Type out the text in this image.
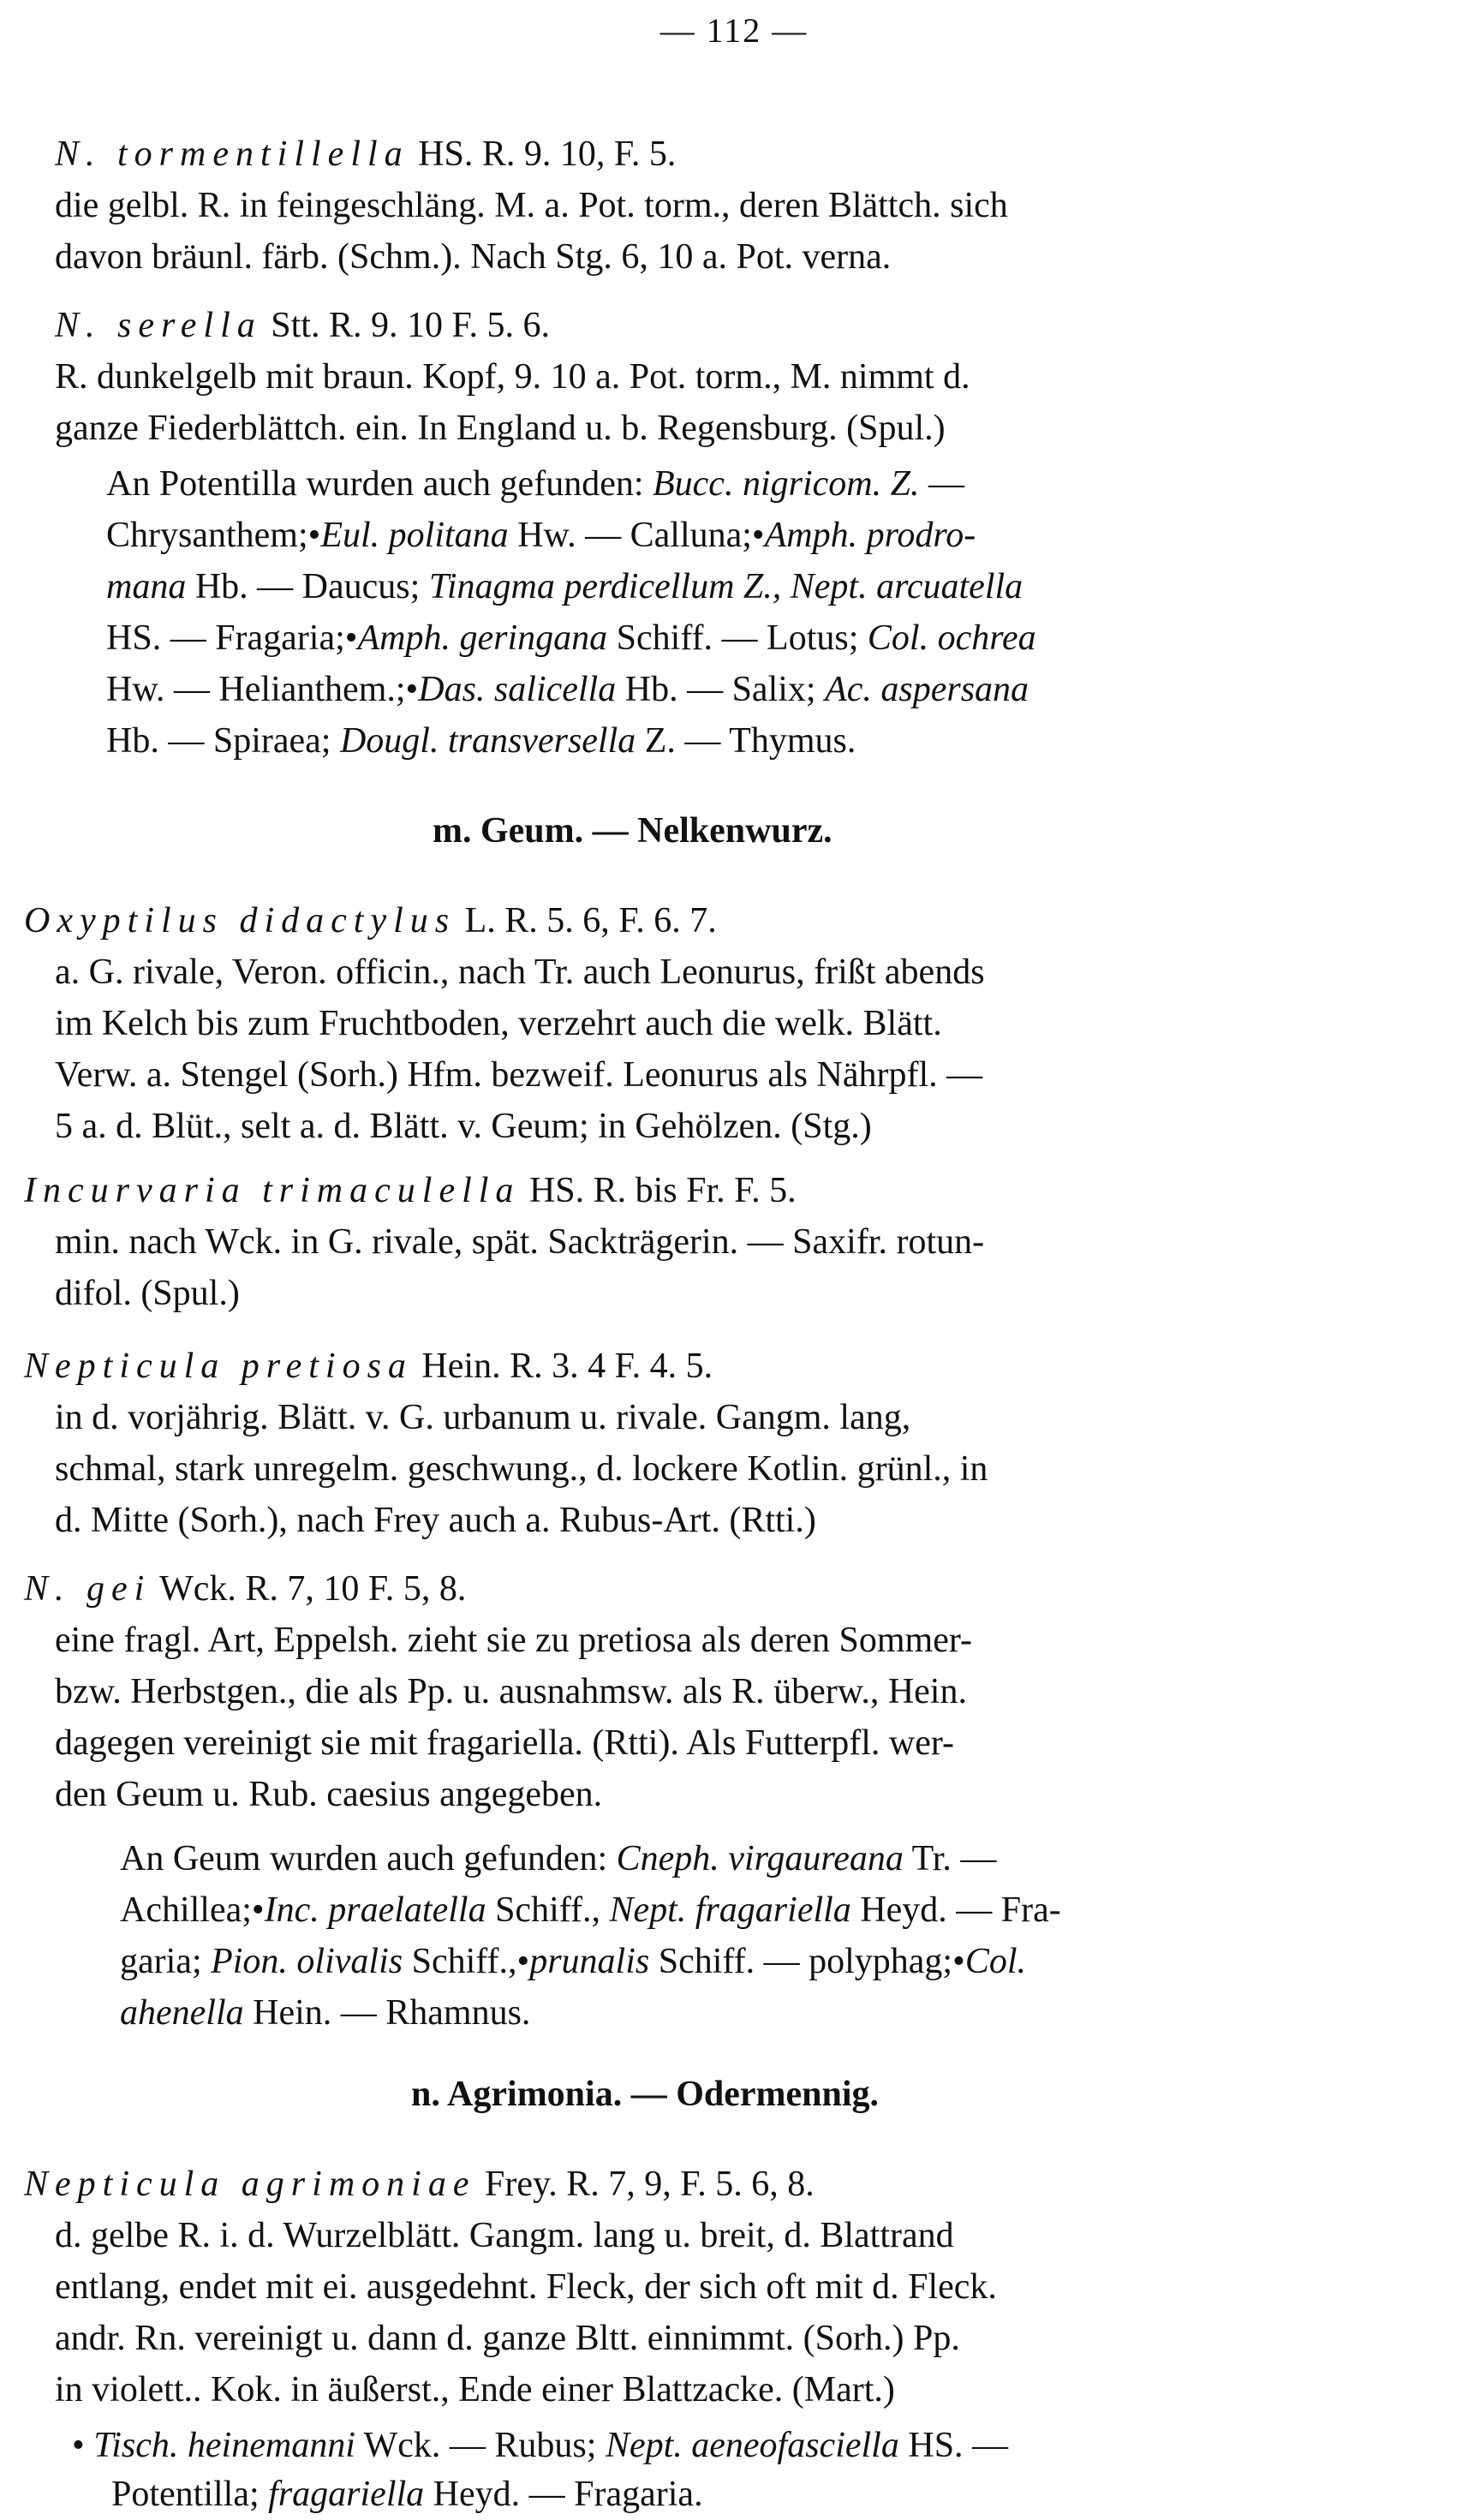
— 112 —
N. tormentillella HS. R. 9. 10, F. 5.
die gelbl. R. in feingeschläng. M. a. Pot. torm., deren Blättch. sich
davon bräunl. färb. (Schm.). Nach Stg. 6, 10 a. Pot. verna.
N. serella Stt. R. 9. 10 F. 5. 6.
R. dunkelgelb mit braun. Kopf, 9. 10 a. Pot. torm., M. nimmt d.
ganze Fiederblättch. ein. In England u. b. Regensburg. (Spul.)
An Potentilla wurden auch gefunden: Bucc. nigricom. Z. —
Chrysanthem;•Eul. politana Hw. — Calluna;•Amph. prodro-
mana Hb. — Daucus; Tinagma perdicellum Z., Nept. arcuatella
HS. — Fragaria;•Amph. geringana Schiff. — Lotus; Col. ochrea
Hw. — Helianthem.;•Das. salicella Hb. — Salix; Ac. aspersana
Hb. — Spiraea; Dougl. transversella Z. — Thymus.
m. Geum. — Nelkenwurz.
Oxyptilus didactylus L. R. 5. 6, F. 6. 7.
a. G. rivale, Veron. officin., nach Tr. auch Leonurus, frißt abends
im Kelch bis zum Fruchtboden, verzehrt auch die welk. Blätt.
Verw. a. Stengel (Sorh.) Hfm. bezweif. Leonurus als Nährpfl. —
5 a. d. Blüt., selt a. d. Blätt. v. Geum; in Gehölzen. (Stg.)
Incurvaria trimaculella HS. R. bis Fr. F. 5.
min. nach Wck. in G. rivale, spät. Sackträgerin. — Saxifr. rotun-
difol. (Spul.)
Nepticula pretiosa Hein. R. 3. 4 F. 4. 5.
in d. vorjährig. Blätt. v. G. urbanum u. rivale. Gangm. lang,
schmal, stark unregelm. geschwung., d. lockere Kotlin. grünl., in
d. Mitte (Sorh.), nach Frey auch a. Rubus-Art. (Rtti.)
N. gei Wck. R. 7, 10 F. 5, 8.
eine fragl. Art, Eppelsh. zieht sie zu pretiosa als deren Sommer-
bzw. Herbstgen., die als Pp. u. ausnahmsw. als R. überw., Hein.
dagegen vereinigt sie mit fragariella. (Rtti). Als Futterpfl. wer-
den Geum u. Rub. caesius angegeben.
An Geum wurden auch gefunden: Cneph. virgaureana Tr. —
Achillea;•Inc. praelatella Schiff., Nept. fragariella Heyd. — Fra-
garia; Pion. olivalis Schiff.,•prunalis Schiff. — polyphag;•Col.
ahenella Hein. — Rhamnus.
n. Agrimonia. — Odermennig.
Nepticula agrimoniae Frey. R. 7, 9, F. 5. 6, 8.
d. gelbe R. i. d. Wurzelblätt. Gangm. lang u. breit, d. Blattrand
entlang, endet mit ei. ausgedehnt. Fleck, der sich oft mit d. Fleck.
andr. Rn. vereinigt u. dann d. ganze Bltt. einnimmt. (Sorh.) Pp.
in violett.. Kok. in äußerst., Ende einer Blattzacke. (Mart.)
• Tisch. heinemanni Wck. — Rubus; Nept. aeneofasciella HS. —
Potentilla; fragariella Heyd. — Fragaria.
